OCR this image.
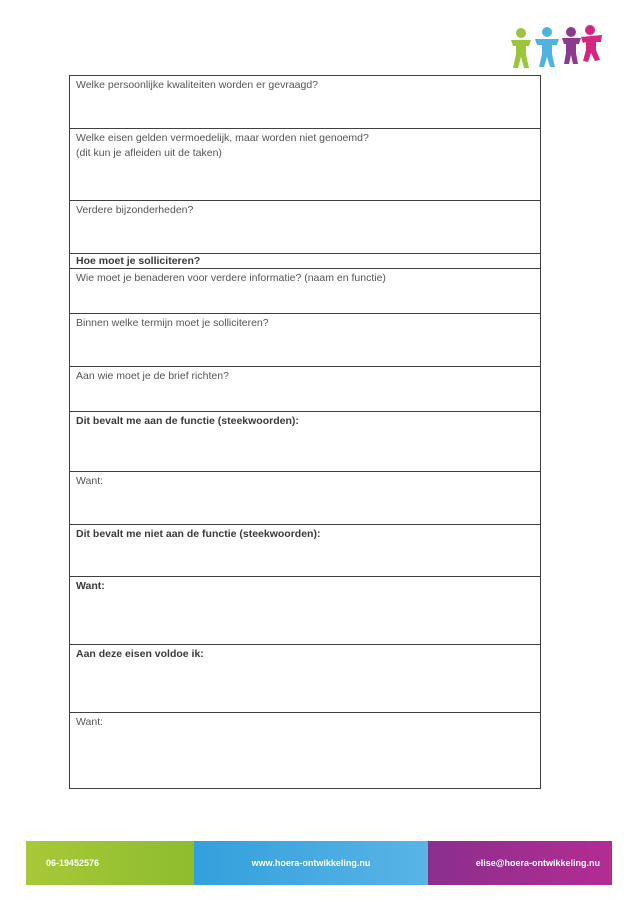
Welke persoonlijke kwaliteiten worden er gevraagd?
Welke eisen gelden vermoedelijk, maar worden niet genoemd?
(dit kun je afleiden uit de taken)
Verdere bijzonderheden?
Hoe moet je solliciteren?
Wie moet je benaderen voor verdere informatie? (naam en functie)
Binnen welke termijn moet je solliciteren?
Aan wie moet je de brief richten?
Dit bevalt me aan de functie (steekwoorden):
Want:
Dit bevalt me niet aan de functie (steekwoorden):
Want:
Aan deze eisen voldoe ik:
Want:
06-19452576	www.hoera-ontwikkeling.nu	elise@hoera-ontwikkeling.nu
